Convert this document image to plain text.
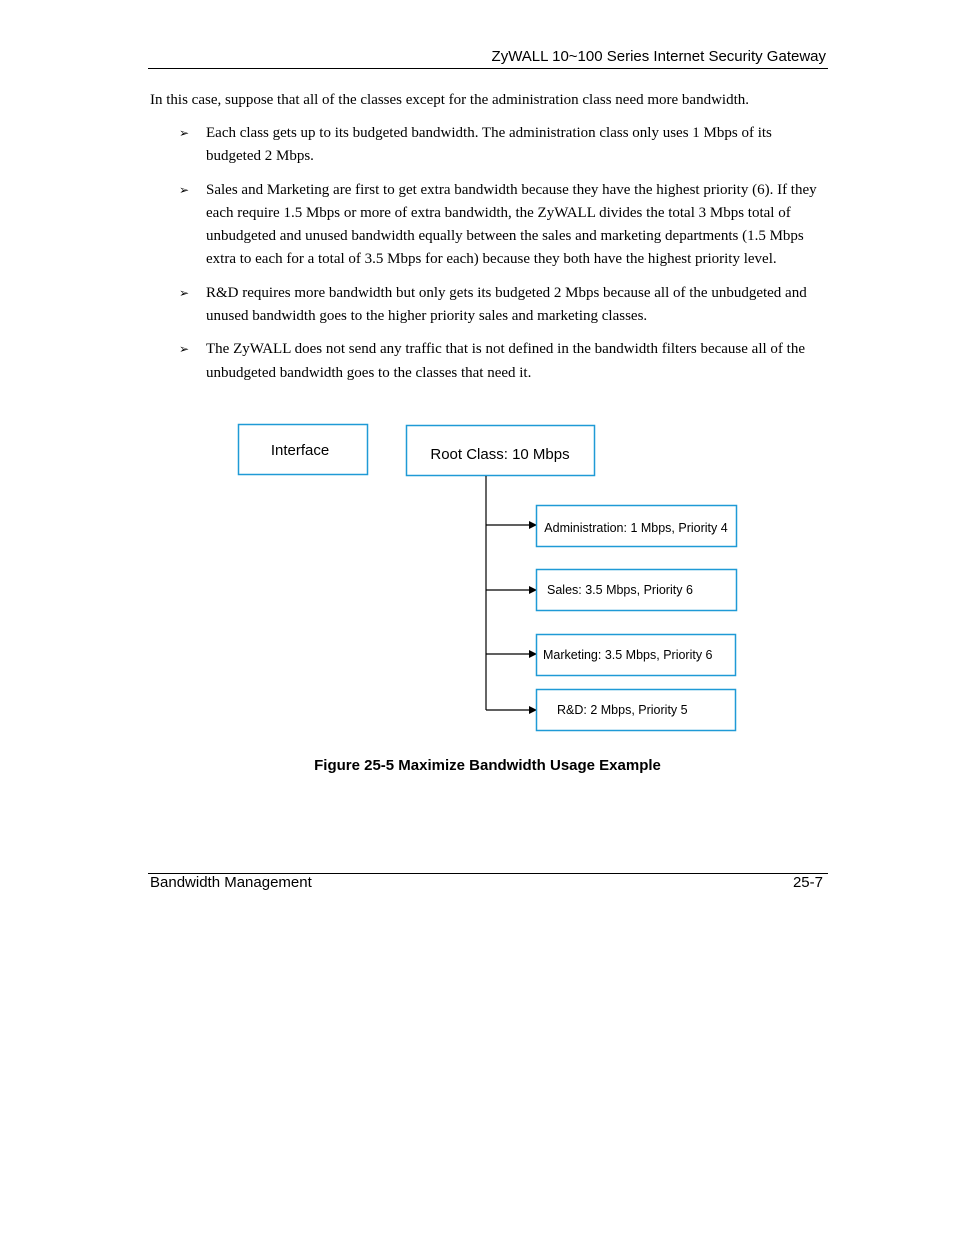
ZyWALL 10~100 Series Internet Security Gateway

In this case, suppose that all of the classes except for the administration class need more bandwidth.

➢ Each class gets up to its budgeted bandwidth. The administration class only uses 1 Mbps of its budgeted 2 Mbps.
➢ Sales and Marketing are first to get extra bandwidth because they have the highest priority (6). If they each require 1.5 Mbps or more of extra bandwidth, the ZyWALL divides the total 3 Mbps total of unbudgeted and unused bandwidth equally between the sales and marketing departments (1.5 Mbps extra to each for a total of 3.5 Mbps for each) because they both have the highest priority level.
➢ R&D requires more bandwidth but only gets its budgeted 2 Mbps because all of the unbudgeted and unused bandwidth goes to the higher priority sales and marketing classes.
➢ The ZyWALL does not send any traffic that is not defined in the bandwidth filters because all of the unbudgeted bandwidth goes to the classes that need it.
Interface	Root Class: 10 Mbps
Administration: 1 Mbps, Priority 4
Sales: 3.5 Mbps, Priority 6
Marketing: 3.5 Mbps, Priority 6
R&D: 2 Mbps, Priority 5
Figure 25-5 Maximize Bandwidth Usage Example
Bandwidth Management	25-7
